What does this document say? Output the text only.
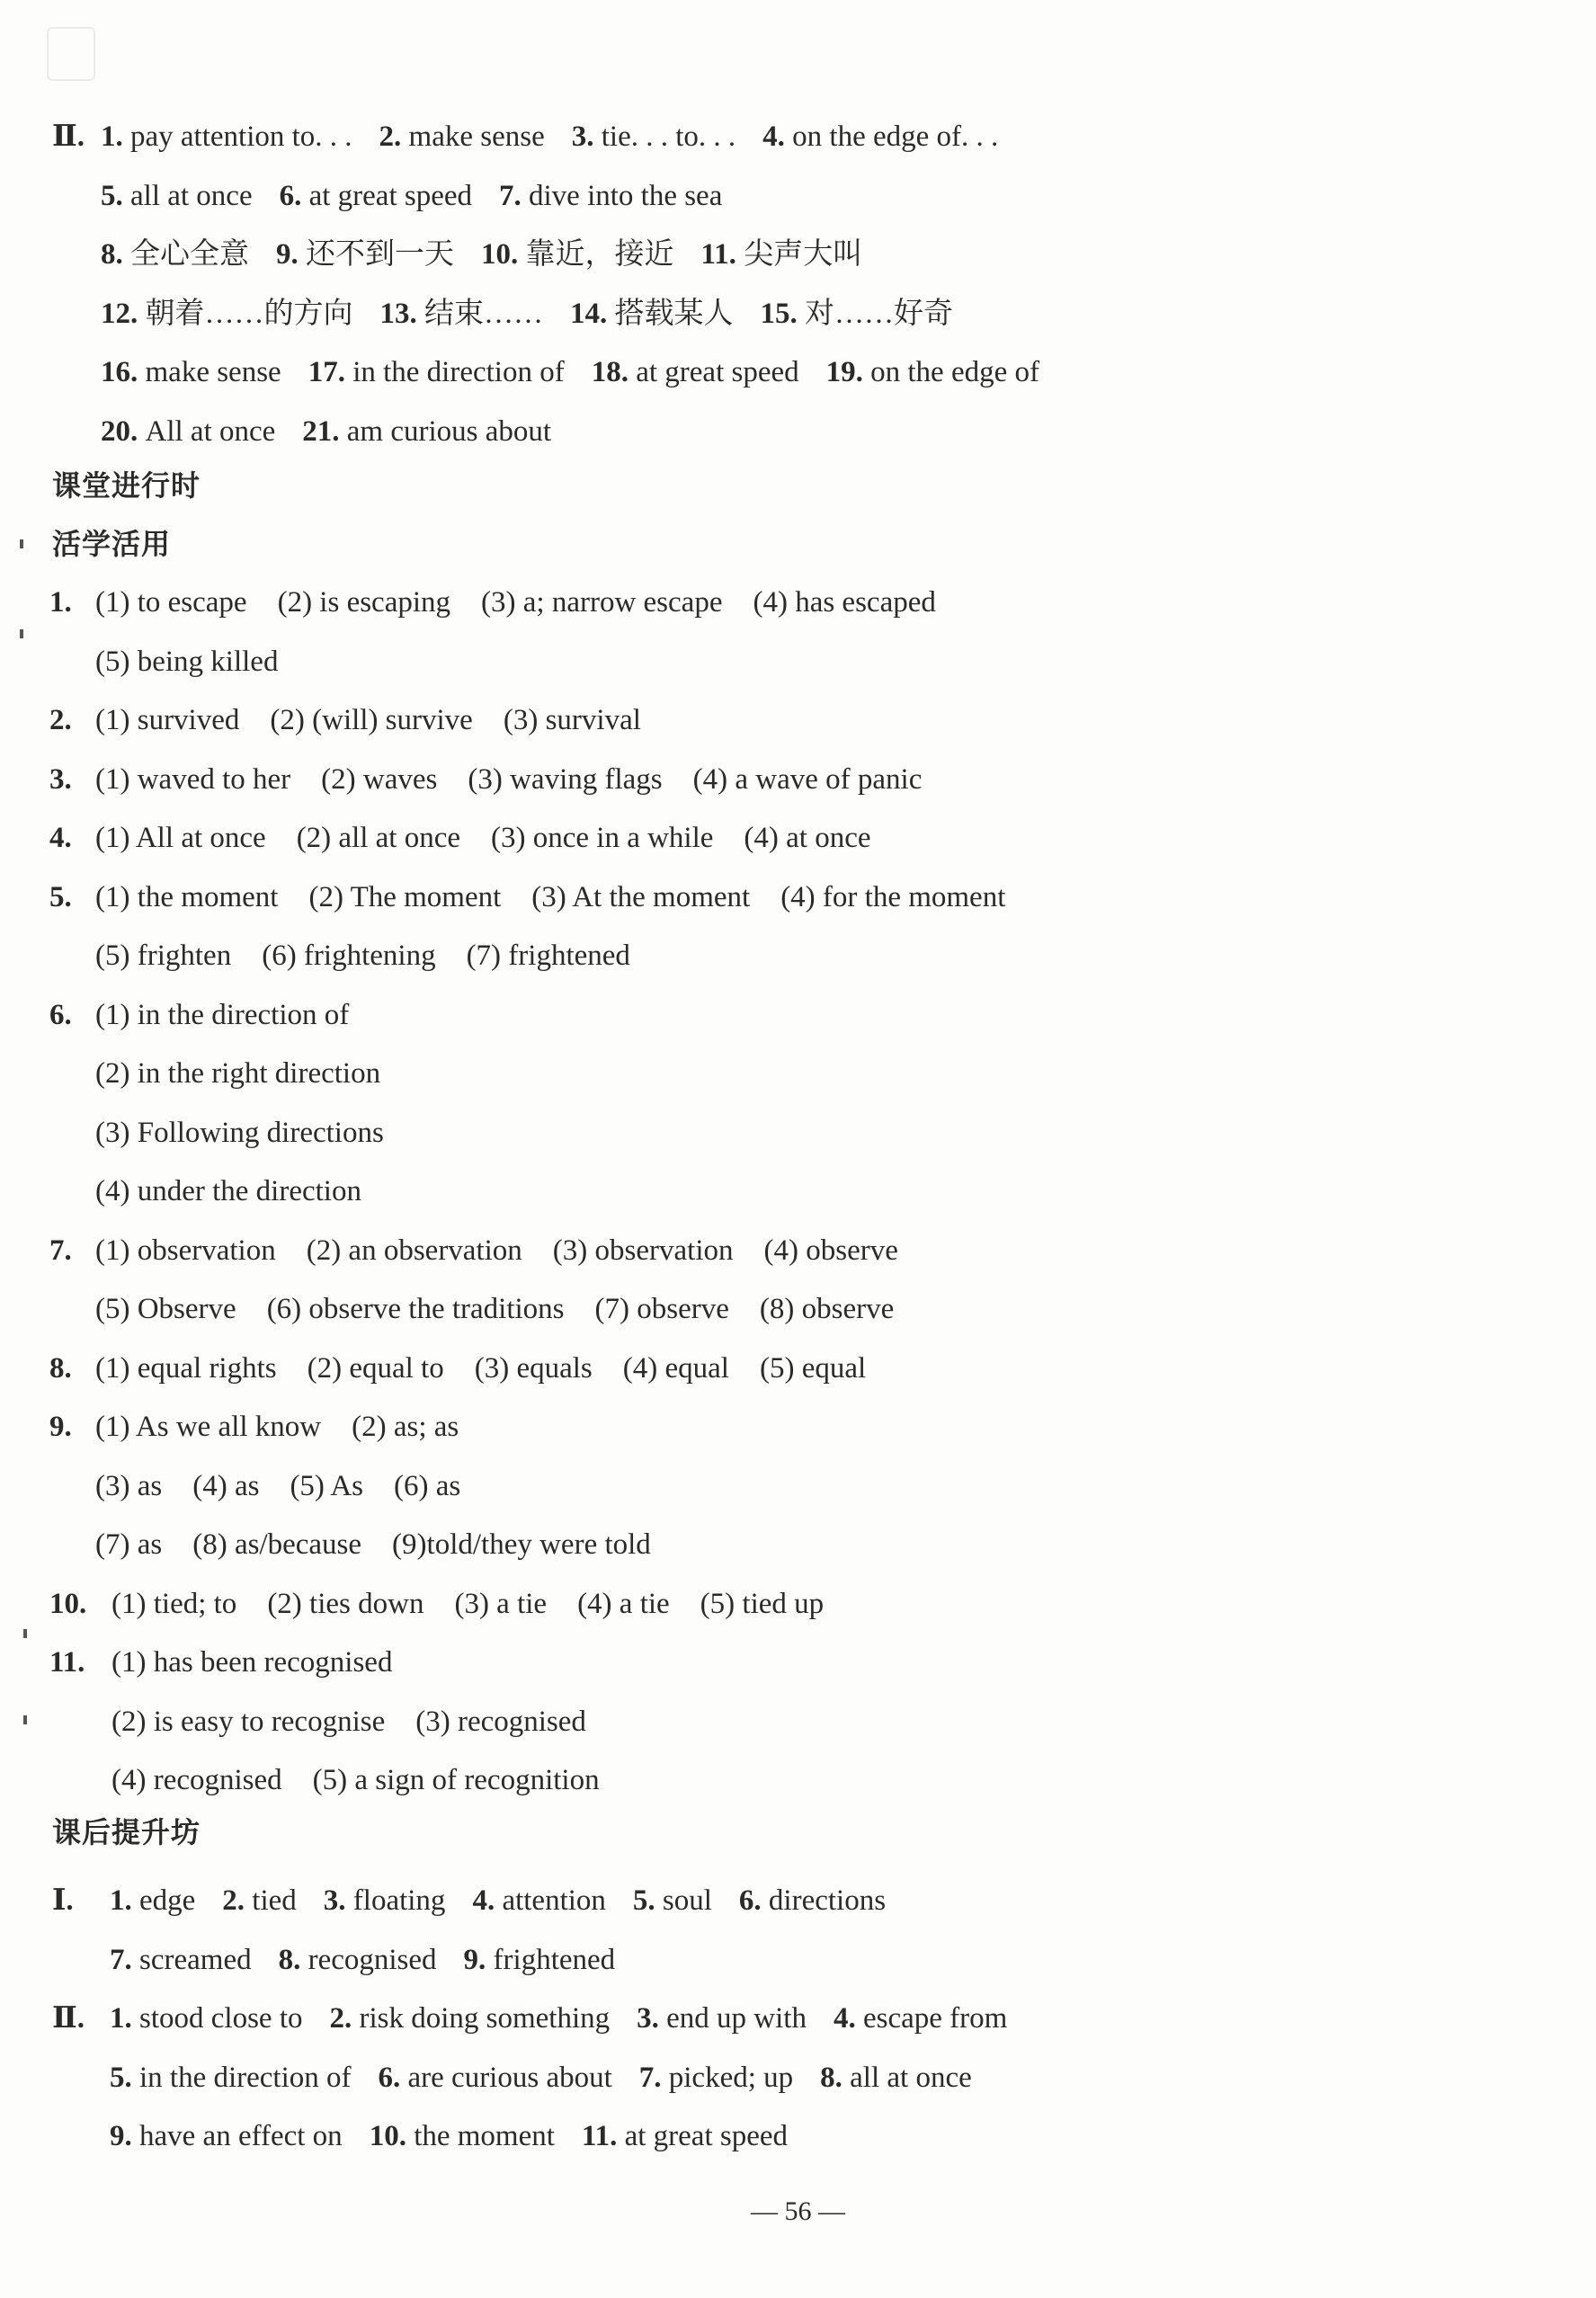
Ⅱ. 1. pay attention to. . . 2. make sense 3. tie. . . to. . . 4. on the edge of. . .
5. all at once 6. at great speed 7. dive into the sea
8. 全心全意 9. 还不到一天 10. 靠近，接近 11. 尖声大叫
12. 朝着……的方向 13. 结束…… 14. 搭载某人 15. 对……好奇
16. make sense 17. in the direction of 18. at great speed 19. on the edge of
20. All at once 21. am curious about
课堂进行时
活学活用
1. (1) to escape (2) is escaping (3) a; narrow escape (4) has escaped
(5) being killed
2. (1) survived (2) (will) survive (3) survival
3. (1) waved to her (2) waves (3) waving flags (4) a wave of panic
4. (1) All at once (2) all at once (3) once in a while (4) at once
5. (1) the moment (2) The moment (3) At the moment (4) for the moment
(5) frighten (6) frightening (7) frightened
6. (1) in the direction of
(2) in the right direction
(3) Following directions
(4) under the direction
7. (1) observation (2) an observation (3) observation (4) observe
(5) Observe (6) observe the traditions (7) observe (8) observe
8. (1) equal rights (2) equal to (3) equals (4) equal (5) equal
9. (1) As we all know (2) as; as
(3) as (4) as (5) As (6) as
(7) as (8) as/because (9)told/they were told
10. (1) tied; to (2) ties down (3) a tie (4) a tie (5) tied up
11. (1) has been recognised
(2) is easy to recognise (3) recognised
(4) recognised (5) a sign of recognition
课后提升坊
Ⅰ. 1. edge 2. tied 3. floating 4. attention 5. soul 6. directions
7. screamed 8. recognised 9. frightened
Ⅱ. 1. stood close to 2. risk doing something 3. end up with 4. escape from
5. in the direction of 6. are curious about 7. picked; up 8. all at once
9. have an effect on 10. the moment 11. at great speed
— 56 —
